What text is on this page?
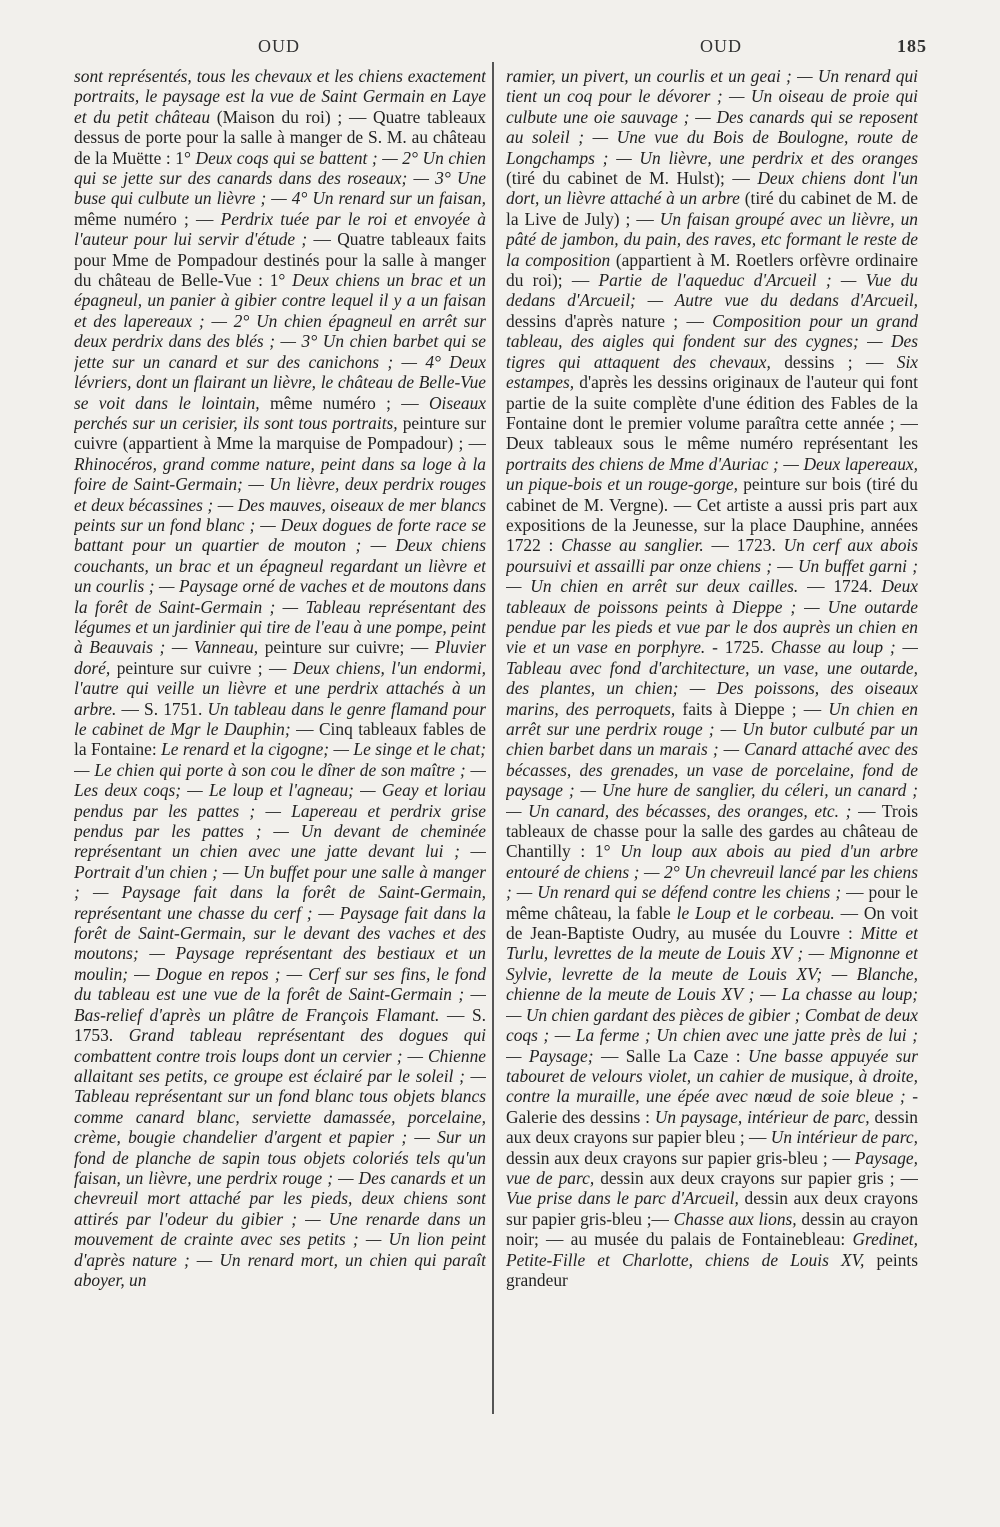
OUD	OUD	185

sont représentés, tous les chevaux et les chiens exactement portraits, le paysage est la vue de Saint Germain en Laye et du petit château (Maison du roi) ; — Quatre tableaux dessus de porte pour la salle à manger de S. M. au château de la Muëtte : 1° Deux coqs qui se battent ; — 2° Un chien qui se jette sur des canards dans des roseaux; — 3° Une buse qui culbute un lièvre ; — 4° Un renard sur un faisan, même numéro ; — Perdrix tuée par le roi et envoyée à l'auteur pour lui servir d'étude ; — Quatre tableaux faits pour Mme de Pompadour destinés pour la salle à manger du château de Belle-Vue : 1° Deux chiens un brac et un épagneul, un panier à gibier contre lequel il y a un faisan et des lapereaux ; — 2° Un chien épagneul en arrêt sur deux perdrix dans des blés ; — 3° Un chien barbet qui se jette sur un canard et sur des canichons ; — 4° Deux lévriers, dont un flairant un lièvre, le château de Belle-Vue se voit dans le lointain, même numéro ; — Oiseaux perchés sur un cerisier, ils sont tous portraits, peinture sur cuivre (appartient à Mme la marquise de Pompadour) ; — Rhinocéros, grand comme nature, peint dans sa loge à la foire de Saint-Germain; — Un lièvre, deux perdrix rouges et deux bécassines ; — Des mauves, oiseaux de mer blancs peints sur un fond blanc ; — Deux dogues de forte race se battant pour un quartier de mouton ; — Deux chiens couchants, un brac et un épagneul regardant un lièvre et un courlis ; — Paysage orné de vaches et de moutons dans la forêt de Saint-Germain ; — Tableau représentant des légumes et un jardinier qui tire de l'eau à une pompe, peint à Beauvais ; — Vanneau, peinture sur cuivre; — Pluvier doré, peinture sur cuivre ; — Deux chiens, l'un endormi, l'autre qui veille un lièvre et une perdrix attachés à un arbre. — S. 1751. Un tableau dans le genre flamand pour le cabinet de Mgr le Dauphin; — Cinq tableaux fables de la Fontaine: Le renard et la cigogne; — Le singe et le chat; — Le chien qui porte à son cou le dîner de son maître ; — Les deux coqs; — Le loup et l'agneau; — Geay et loriau pendus par les pattes ; — Lapereau et perdrix grise pendus par les pattes ; — Un devant de cheminée représentant un chien avec une jatte devant lui ; — Portrait d'un chien ; — Un buffet pour une salle à manger ; — Paysage fait dans la forêt de Saint-Germain, représentant une chasse du cerf ; — Paysage fait dans la forêt de Saint-Germain, sur le devant des vaches et des moutons; — Paysage représentant des bestiaux et un moulin; — Dogue en repos ; — Cerf sur ses fins, le fond du tableau est une vue de la forêt de Saint-Germain ; — Bas-relief d'après un plâtre de François Flamant. — S. 1753. Grand tableau représentant des dogues qui combattent contre trois loups dont un cervier ; — Chienne allaitant ses petits, ce groupe est éclairé par le soleil ; — Tableau représentant sur un fond blanc tous objets blancs comme canard blanc, serviette damassée, porcelaine, crème, bougie chandelier d'argent et papier ; — Sur un fond de planche de sapin tous objets coloriés tels qu'un faisan, un lièvre, une perdrix rouge ; — Des canards et un chevreuil mort attaché par les pieds, deux chiens sont attirés par l'odeur du gibier ; — Une renarde dans un mouvement de crainte avec ses petits ; — Un lion peint d'après nature ; — Un renard mort, un chien qui paraît aboyer, un

ramier, un pivert, un courlis et un geai ; — Un renard qui tient un coq pour le dévorer ; — Un oiseau de proie qui culbute une oie sauvage ; — Des canards qui se reposent au soleil ; — Une vue du Bois de Boulogne, route de Longchamps ; — Un lièvre, une perdrix et des oranges (tiré du cabinet de M. Hulst); — Deux chiens dont l'un dort, un lièvre attaché à un arbre (tiré du cabinet de M. de la Live de July) ; — Un faisan groupé avec un lièvre, un pâté de jambon, du pain, des raves, etc formant le reste de la composition (appartient à M. Roetlers orfèvre ordinaire du roi); — Partie de l'aqueduc d'Arcueil ; — Vue du dedans d'Arcueil; — Autre vue du dedans d'Arcueil, dessins d'après nature ; — Composition pour un grand tableau, des aigles qui fondent sur des cygnes; — Des tigres qui attaquent des chevaux, dessins ; — Six estampes, d'après les dessins originaux de l'auteur qui font partie de la suite complète d'une édition des Fables de la Fontaine dont le premier volume paraîtra cette année ; — Deux tableaux sous le même numéro représentant les portraits des chiens de Mme d'Auriac ; — Deux lapereaux, un pique-bois et un rouge-gorge, peinture sur bois (tiré du cabinet de M. Vergne). — Cet artiste a aussi pris part aux expositions de la Jeunesse, sur la place Dauphine, années 1722 : Chasse au sanglier. — 1723. Un cerf aux abois poursuivi et assailli par onze chiens ; — Un buffet garni ; — Un chien en arrêt sur deux cailles. — 1724. Deux tableaux de poissons peints à Dieppe ; — Une outarde pendue par les pieds et vue par le dos auprès un chien en vie et un vase en porphyre. - 1725. Chasse au loup ; — Tableau avec fond d'architecture, un vase, une outarde, des plantes, un chien; — Des poissons, des oiseaux marins, des perroquets, faits à Dieppe ; — Un chien en arrêt sur une perdrix rouge ; — Un butor culbuté par un chien barbet dans un marais ; — Canard attaché avec des bécasses, des grenades, un vase de porcelaine, fond de paysage ; — Une hure de sanglier, du céleri, un canard ; — Un canard, des bécasses, des oranges, etc. ; — Trois tableaux de chasse pour la salle des gardes au château de Chantilly : 1° Un loup aux abois au pied d'un arbre entouré de chiens ; — 2° Un chevreuil lancé par les chiens ; — Un renard qui se défend contre les chiens ; — pour le même château, la fable le Loup et le corbeau. — On voit de Jean-Baptiste Oudry, au musée du Louvre : Mitte et Turlu, levrettes de la meute de Louis XV ; — Mignonne et Sylvie, levrette de la meute de Louis XV; — Blanche, chienne de la meute de Louis XV ; — La chasse au loup; — Un chien gardant des pièces de gibier ; Combat de deux coqs ; — La ferme ; Un chien avec une jatte près de lui ; — Paysage; — Salle La Caze : Une basse appuyée sur tabouret de velours violet, un cahier de musique, à droite, contre la muraille, une épée avec nœud de soie bleue ; - Galerie des dessins : Un paysage, intérieur de parc, dessin aux deux crayons sur papier bleu ; — Un intérieur de parc, dessin aux deux crayons sur papier gris-bleu ; — Paysage, vue de parc, dessin aux deux crayons sur papier gris ; — Vue prise dans le parc d'Arcueil, dessin aux deux crayons sur papier gris-bleu ;— Chasse aux lions, dessin au crayon noir; — au musée du palais de Fontainebleau: Gredinet, Petite-Fille et Charlotte, chiens de Louis XV, peints grandeur
